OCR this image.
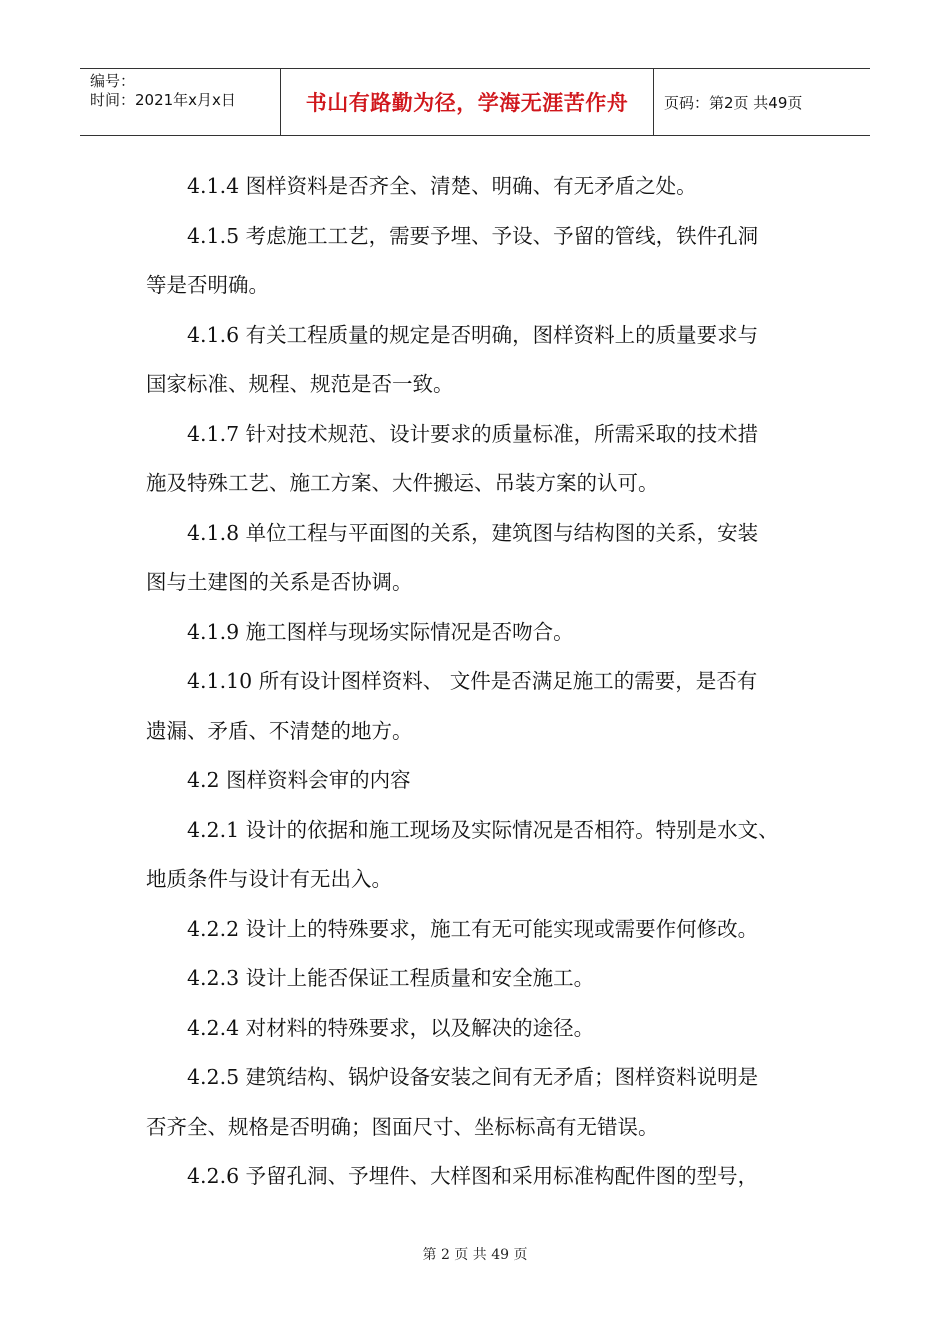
编号：
时间：2021年x月x日	书山有路勤为径，学海无涯苦作舟	页码：第2页 共49页

4.1.4 图样资料是否齐全、清楚、明确、有无矛盾之处。

4.1.5 考虑施工工艺，需要予埋、予设、予留的管线，铁件孔洞

等是否明确。

4.1.6 有关工程质量的规定是否明确，图样资料上的质量要求与

国家标准、规程、规范是否一致。

4.1.7 针对技术规范、设计要求的质量标准，所需采取的技术措

施及特殊工艺、施工方案、大件搬运、吊装方案的认可。

4.1.8 单位工程与平面图的关系，建筑图与结构图的关系，安装

图与土建图的关系是否协调。

4.1.9 施工图样与现场实际情况是否吻合。

4.1.10 所有设计图样资料、 文件是否满足施工的需要，是否有

遗漏、矛盾、不清楚的地方。

4.2 图样资料会审的内容

4.2.1 设计的依据和施工现场及实际情况是否相符。特别是水文、

地质条件与设计有无出入。

4.2.2 设计上的特殊要求，施工有无可能实现或需要作何修改。

4.2.3 设计上能否保证工程质量和安全施工。

4.2.4 对材料的特殊要求，以及解决的途径。

4.2.5 建筑结构、锅炉设备安装之间有无矛盾；图样资料说明是

否齐全、规格是否明确；图面尺寸、坐标标高有无错误。

4.2.6 予留孔洞、予埋件、大样图和采用标准构配件图的型号，

第 2 页 共 49 页
